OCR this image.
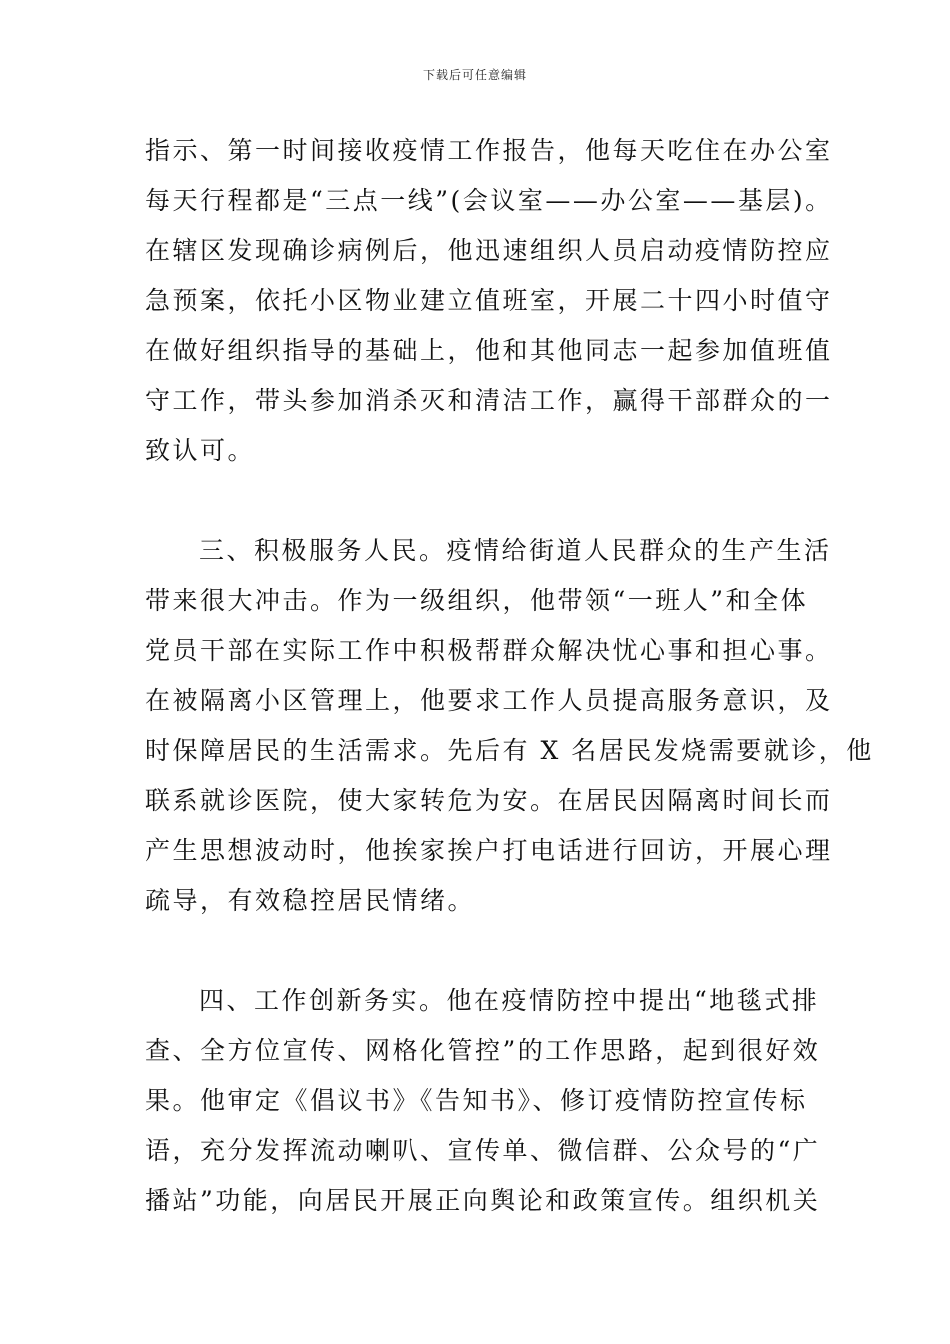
下载后可任意编辑
指示、第一时间接收疫情工作报告，他每天吃住在办公室
每天行程都是“三点一线”(会议室——办公室——基层)。
在辖区发现确诊病例后，他迅速组织人员启动疫情防控应
急预案，依托小区物业建立值班室，开展二十四小时值守
在做好组织指导的基础上，他和其他同志一起参加值班值
守工作，带头参加消杀灭和清洁工作，赢得干部群众的一
致认可。
三、积极服务人民。疫情给街道人民群众的生产生活
带来很大冲击。作为一级组织，他带领“一班人”和全体
党员干部在实际工作中积极帮群众解决忧心事和担心事。
在被隔离小区管理上，他要求工作人员提高服务意识，及
时保障居民的生活需求。先后有 X 名居民发烧需要就诊，他
联系就诊医院，使大家转危为安。在居民因隔离时间长而
产生思想波动时，他挨家挨户打电话进行回访，开展心理
疏导，有效稳控居民情绪。
四、工作创新务实。他在疫情防控中提出“地毯式排
查、全方位宣传、网格化管控”的工作思路，起到很好效
果。他审定《倡议书》《告知书》、修订疫情防控宣传标
语，充分发挥流动喇叭、宣传单、微信群、公众号的“广
播站”功能，向居民开展正向舆论和政策宣传。组织机关
